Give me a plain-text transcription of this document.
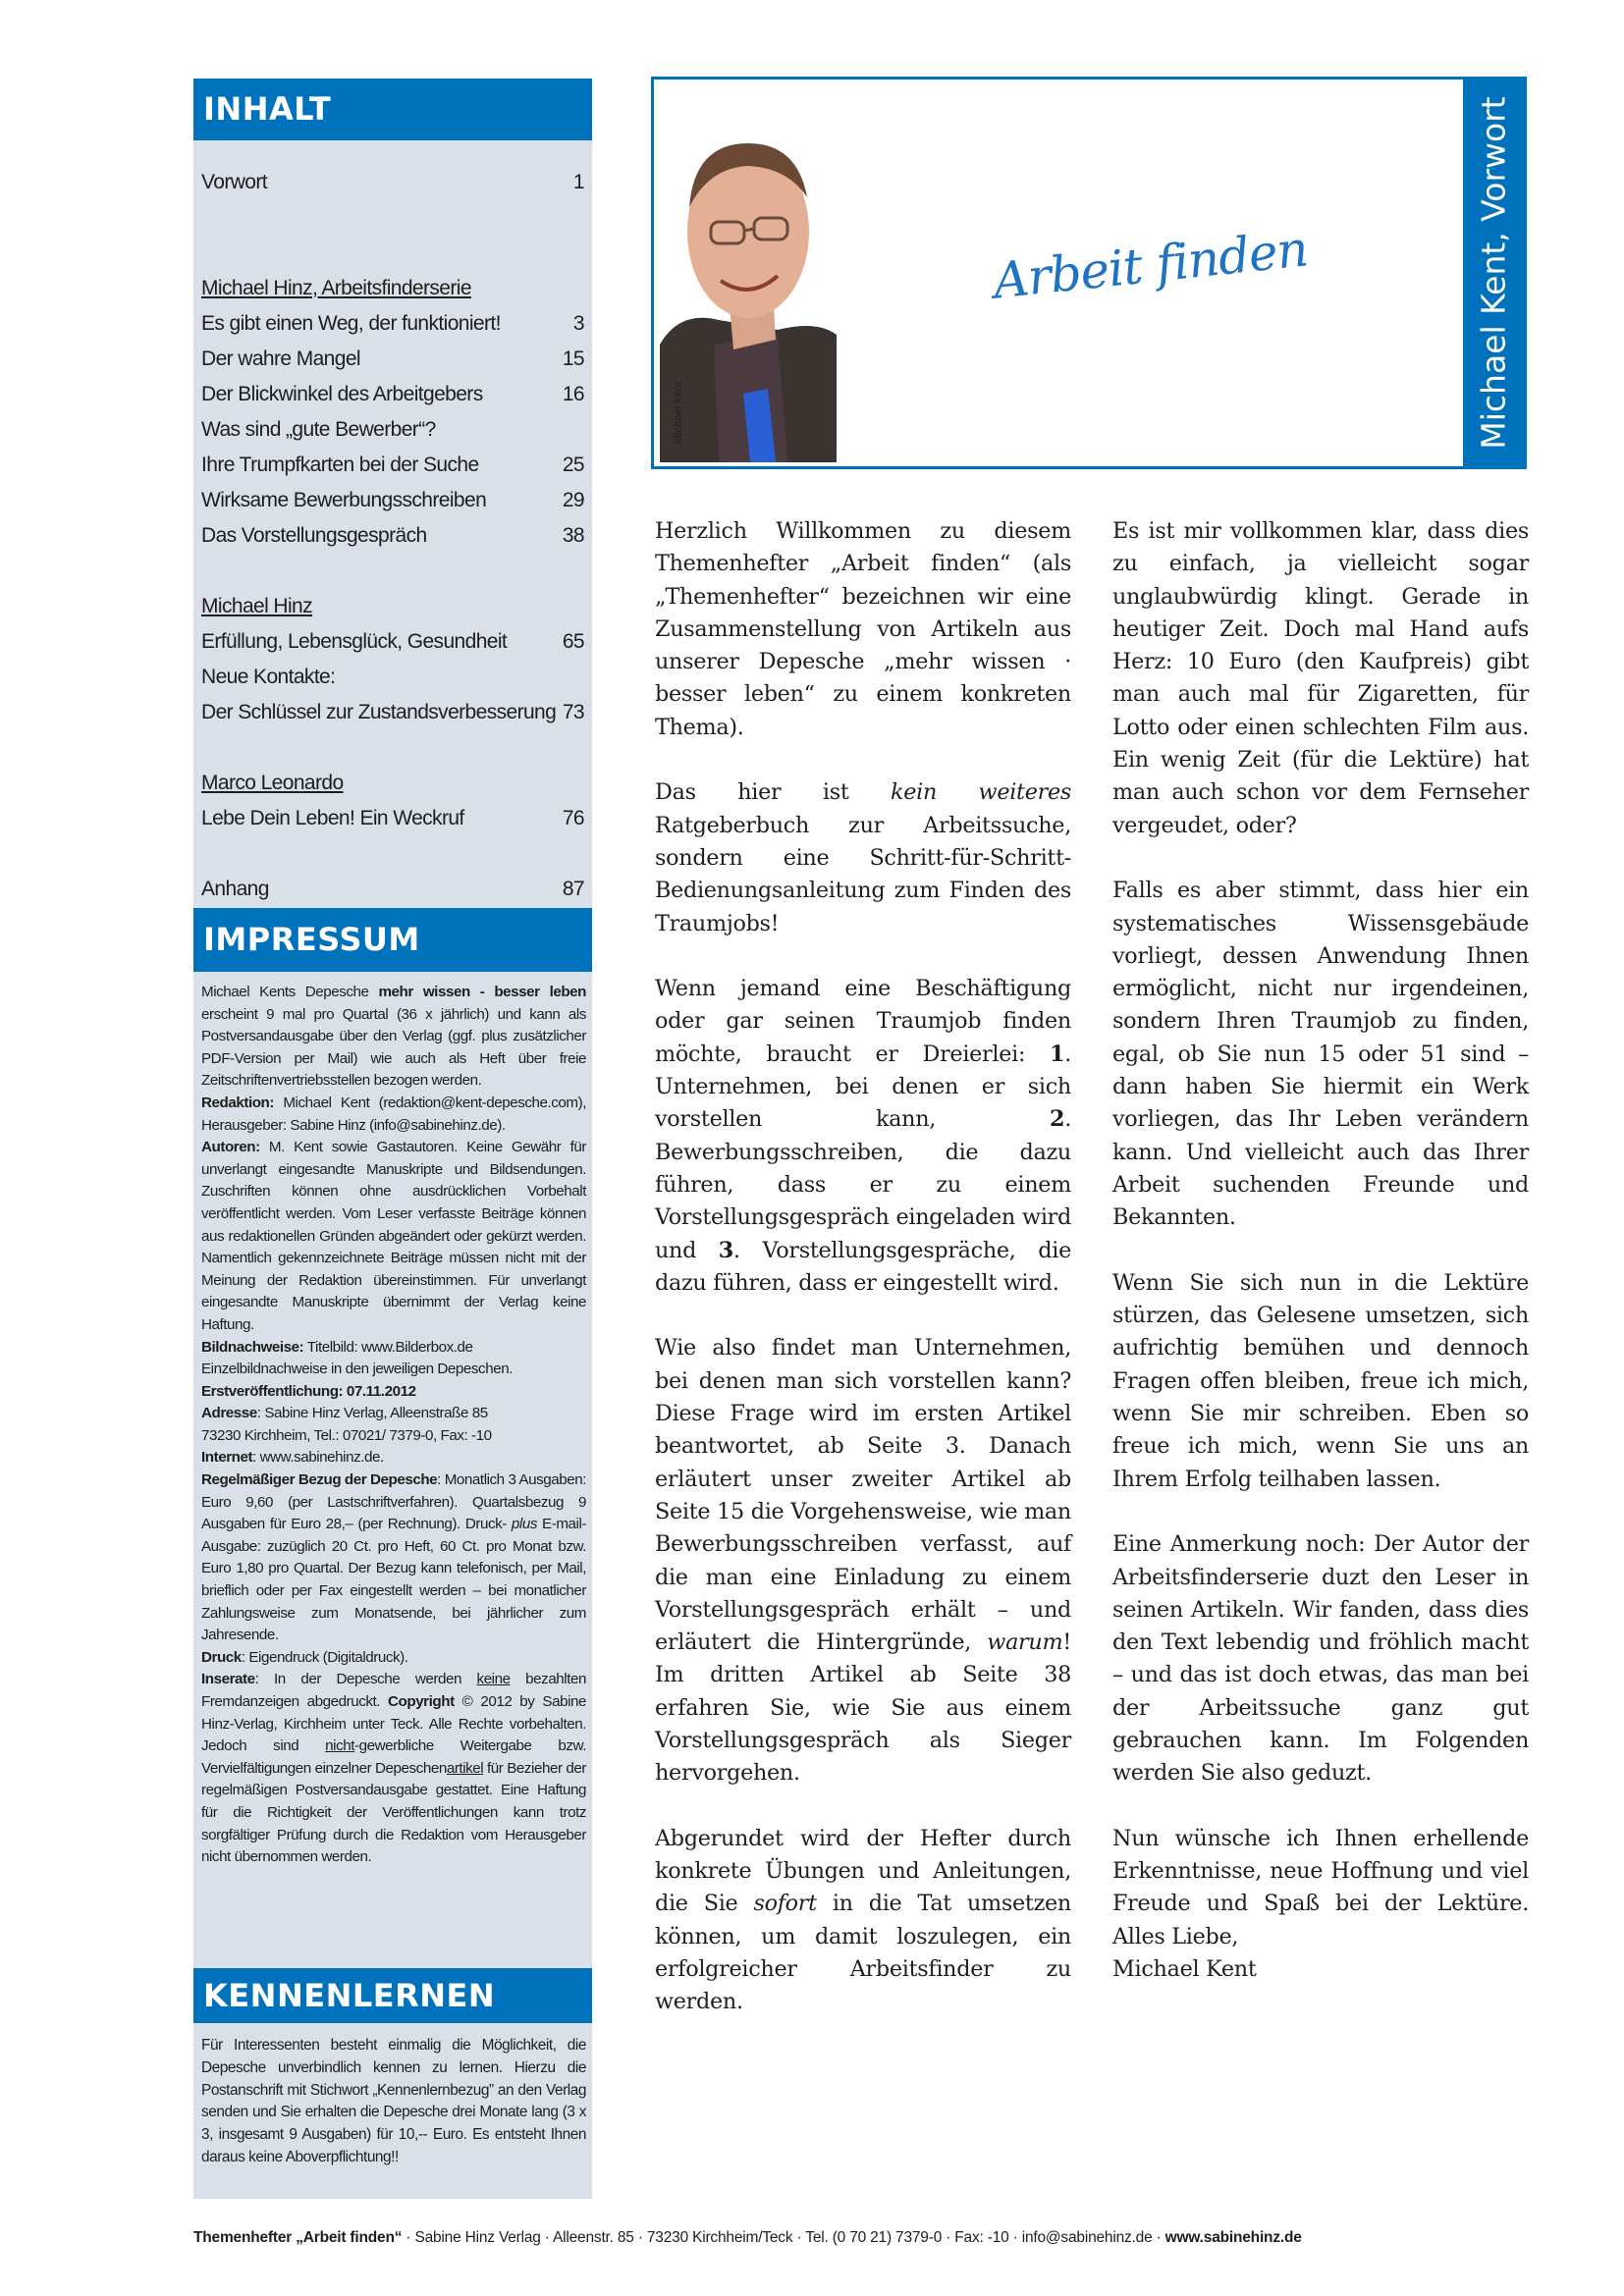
INHALT
Vorwort	1
Michael Hinz, Arbeitsfinderserie
Es gibt einen Weg, der funktioniert!	3
Der wahre Mangel	15
Der Blickwinkel des Arbeitgebers	16
Was sind „gute Bewerber“?
Ihre Trumpfkarten bei der Suche	25
Wirksame Bewerbungsschreiben	29
Das Vorstellungsgespräch	38
Michael Hinz
Erfüllung, Lebensglück, Gesundheit	65
Neue Kontakte:
Der Schlüssel zur Zustandsverbesserung 73
Marco Leonardo
Lebe Dein Leben! Ein Weckruf	76
Anhang	87
IMPRESSUM

Michael Kents Depesche mehr wissen - besser leben erscheint 9 mal pro Quartal (36 x jährlich) und kann als Postversandausgabe über den Verlag (ggf. plus zusätzlicher PDF-Version per Mail) wie auch als Heft über freie Zeitschriftenvertriebsstellen bezogen werden.

Redaktion: Michael Kent (redaktion@kent-depesche.com), Herausgeber: Sabine Hinz (info@sabinehinz.de).

Autoren: M. Kent sowie Gastautoren. Keine Gewähr für unverlangt eingesandte Manuskripte und Bildsendungen. Zuschriften können ohne ausdrücklichen Vorbehalt veröffentlicht werden. Vom Leser verfasste Beiträge können aus redaktionellen Gründen abgeändert oder gekürzt werden. Namentlich gekennzeichnete Beiträge müssen nicht mit der Meinung der Redaktion übereinstimmen. Für unverlangt eingesandte Manuskripte übernimmt der Verlag keine Haftung.

Bildnachweise: Titelbild: www.Bilderbox.de

Einzelbildnachweise in den jeweiligen Depeschen.

Erstveröffentlichung: 07.11.2012

Adresse: Sabine Hinz Verlag, Alleenstraße 85

73230 Kirchheim, Tel.: 07021/ 7379-0, Fax: -10

Internet: www.sabinehinz.de.

Regelmäßiger Bezug der Depesche: Monatlich 3 Ausgaben: Euro 9,60 (per Lastschriftverfahren). Quartalsbezug 9 Ausgaben für Euro 28,– (per Rechnung). Druck- plus E-mail-Ausgabe: zuzüglich 20 Ct. pro Heft, 60 Ct. pro Monat bzw. Euro 1,80 pro Quartal. Der Bezug kann telefonisch, per Mail, brieflich oder per Fax eingestellt werden – bei monatlicher Zahlungsweise zum Monatsende, bei jährlicher zum Jahresende.

Druck: Eigendruck (Digitaldruck).

Inserate: In der Depesche werden keine bezahlten Fremdanzeigen abgedruckt. Copyright © 2012 by Sabine Hinz-Verlag, Kirchheim unter Teck. Alle Rechte vorbehalten. Jedoch sind nicht-gewerbliche Weitergabe bzw. Vervielfältigungen einzelner Depeschenartikel für Bezieher der regelmäßigen Postversandausgabe gestattet. Eine Haftung für die Richtigkeit der Veröffentlichungen kann trotz sorgfältiger Prüfung durch die Redaktion vom Herausgeber nicht übernommen werden.

KENNENLERNEN

Für Interessenten besteht einmalig die Möglichkeit, die Depesche unverbindlich kennen zu lernen. Hierzu die Postanschrift mit Stichwort „Kennenlernbezug” an den Verlag senden und Sie erhalten die Depesche drei Monate lang (3 x 3, insgesamt 9 Ausgaben) für 10,-- Euro. Es entsteht Ihnen daraus keine Aboverpflichtung!!

Michael Kent
Arbeit finden	Michael Kent, Vorwort

Herzlich Willkommen zu diesem Themenhefter „Arbeit finden“ (als „Themenhefter“ bezeichnen wir eine Zusammenstellung von Artikeln aus unserer Depesche „mehr wissen · besser leben“ zu einem konkreten Thema).

Das hier ist kein weiteres Ratgeberbuch zur Arbeitssuche, sondern eine Schritt-für-Schritt-Bedienungsanleitung zum Finden des Traumjobs!

Wenn jemand eine Beschäftigung oder gar seinen Traumjob finden möchte, braucht er Dreierlei: 1. Unternehmen, bei denen er sich vorstellen kann, 2. Bewerbungsschreiben, die dazu führen, dass er zu einem Vorstellungsgespräch eingeladen wird und 3. Vorstellungsgespräche, die dazu führen, dass er eingestellt wird.

Wie also findet man Unternehmen, bei denen man sich vorstellen kann? Diese Frage wird im ersten Artikel beantwortet, ab Seite 3. Danach erläutert unser zweiter Artikel ab Seite 15 die Vorgehensweise, wie man Bewerbungsschreiben verfasst, auf die man eine Einladung zu einem Vorstellungsgespräch erhält – und erläutert die Hintergründe, warum! Im dritten Artikel ab Seite 38 erfahren Sie, wie Sie aus einem Vorstellungsgespräch als Sieger hervorgehen.

Abgerundet wird der Hefter durch konkrete Übungen und Anleitungen, die Sie sofort in die Tat umsetzen können, um damit loszulegen, ein erfolgreicher Arbeitsfinder zu werden.

Es ist mir vollkommen klar, dass dies zu einfach, ja vielleicht sogar unglaubwürdig klingt. Gerade in heutiger Zeit. Doch mal Hand aufs Herz: 10 Euro (den Kaufpreis) gibt man auch mal für Zigaretten, für Lotto oder einen schlechten Film aus. Ein wenig Zeit (für die Lektüre) hat man auch schon vor dem Fernseher vergeudet, oder?

Falls es aber stimmt, dass hier ein systematisches Wissensgebäude vorliegt, dessen Anwendung Ihnen ermöglicht, nicht nur irgendeinen, sondern Ihren Traumjob zu finden, egal, ob Sie nun 15 oder 51 sind – dann haben Sie hiermit ein Werk vorliegen, das Ihr Leben verändern kann. Und vielleicht auch das Ihrer Arbeit suchenden Freunde und Bekannten.

Wenn Sie sich nun in die Lektüre stürzen, das Gelesene umsetzen, sich aufrichtig bemühen und dennoch Fragen offen bleiben, freue ich mich, wenn Sie mir schreiben. Eben so freue ich mich, wenn Sie uns an Ihrem Erfolg teilhaben lassen.

Eine Anmerkung noch: Der Autor der Arbeitsfinderserie duzt den Leser in seinen Artikeln. Wir fanden, dass dies den Text lebendig und fröhlich macht – und das ist doch etwas, das man bei der Arbeitssuche ganz gut gebrauchen kann. Im Folgenden werden Sie also geduzt.

Nun wünsche ich Ihnen erhellende Erkenntnisse, neue Hoffnung und viel Freude und Spaß bei der Lektüre. Alles Liebe,
Michael Kent

Themenhefter „Arbeit finden“ · Sabine Hinz Verlag · Alleenstr. 85 · 73230 Kirchheim/Teck · Tel. (0 70 21) 7379-0 · Fax: -10 · info@sabinehinz.de · www.sabinehinz.de
